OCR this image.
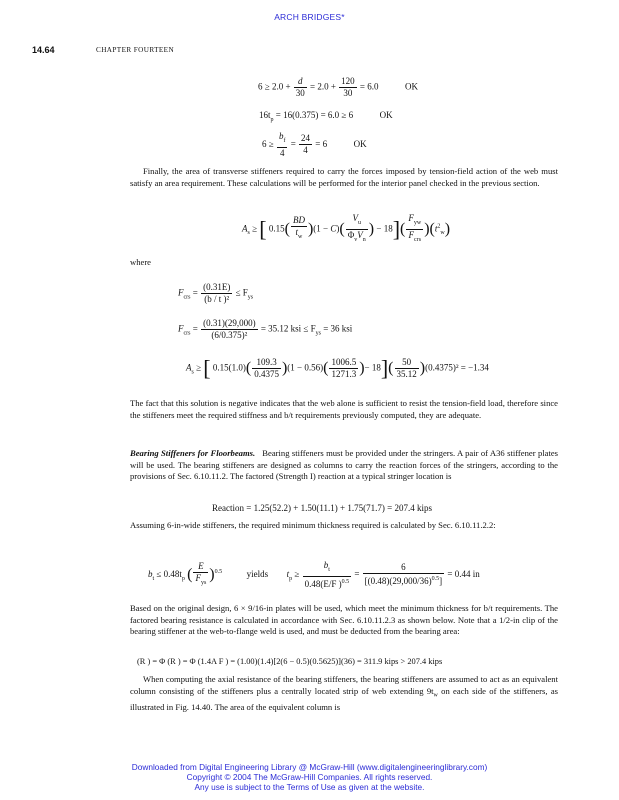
ARCH BRIDGES*
14.64	CHAPTER FOURTEEN
$6 \ge 2.0 + \frac{d}{30} = 2.0 + \frac{120}{30} = 6.0$	OK
$16t_p = 16(0.375) = 6.0 \ge 6$	OK
$6 \ge \frac{b_f}{4} = \frac{24}{4} = 6$	OK
Finally, the area of transverse stiffeners required to carry the forces imposed by tension-field action of the web must satisfy an area requirement. These calculations will be performed for the interior panel checked in the previous section.
$A_s$ ≥ [ $0.15( \frac{BD}{t_w} )(1 - C)( \frac{V_u}{\Phi_vV_n}$ ) − $18]( \frac{F_{yw}}{F_{crs}} )(t^2_w)$
where
$F_{crs} = \frac{(0.31E)}{\text{(b / t )²}} \le F_{ys}$
$F_{crs} = \frac{(0.31)(29,000)}{\text{(6/0.375)²}} = 35.12$ ksi ≤ $F_{ys} = 36$ ksi
$A_s$ ≥ [ $0.15(1.0)( \frac{109.3}{0.4375} )(1 - 0.56)( \frac{1006.5}{1271.3}$ )− $18]( \frac{50}{35.12} )(0.4375)^2 = -1.34$
The fact that this solution is negative indicates that the web alone is sufficient to resist the tension-field load, therefore since the stiffeners meet the required stiffness and b/t requirements previously computed, they are adequate.
Bearing Stiffeners for Floorbeams. Bearing stiffeners must be provided under the stringers. A pair of A36 stiffener plates will be used. The bearing stiffeners are designed as columns to carry the reaction forces of the stringers, according to the provisions of Sec. 6.10.11.2. The factored (Strength I) reaction at a typical stringer location is
Reaction = 1.25(52.2) + 1.50(11.1) + 1.75(71.7) = 207.4 kips
Assuming 6-in-wide stiffeners, the required minimum thickness required is calculated by Sec. 6.10.11.2.2:
$b_t \le 0.48t_p$ ( $\frac{E}{F_{ys}} )^{0.5}$	yields $t_p \ge \frac{b_t}{0.48(E/F )^{0.5}} = \frac{6}{[(0.48)(29,000/36)^{0.5}]} = 0.44$ in
Based on the original design, 6 × 9/16-in plates will be used, which meet the minimum thickness for b/t requirements. The factored bearing resistance is calculated in accordance with Sec. 6.10.11.2.3 as shown below. Note that a 1/2-in clip of the bearing stiffener at the web-to-flange weld is used, and must be deducted from the bearing area:
(R ) = Φ (R ) = Φ (1.4A F ) = (1.00)(1.4)[2(6 − 0.5)(0.5625)](36) = 311.9 kips > 207.4 kips
When computing the axial resistance of the bearing stiffeners, the bearing stiffeners are assumed to act as an equivalent column consisting of the stiffeners plus a centrally located strip of web extending $9t_w$ on each side of the stiffeners, as illustrated in Fig. 14.40. The area of the equivalent column is
Downloaded from Digital Engineering Library @ McGraw-Hill (www.digitalengineeringlibrary.com)
Copyright © 2004 The McGraw-Hill Companies. All rights reserved.
Any use is subject to the Terms of Use as given at the website.
